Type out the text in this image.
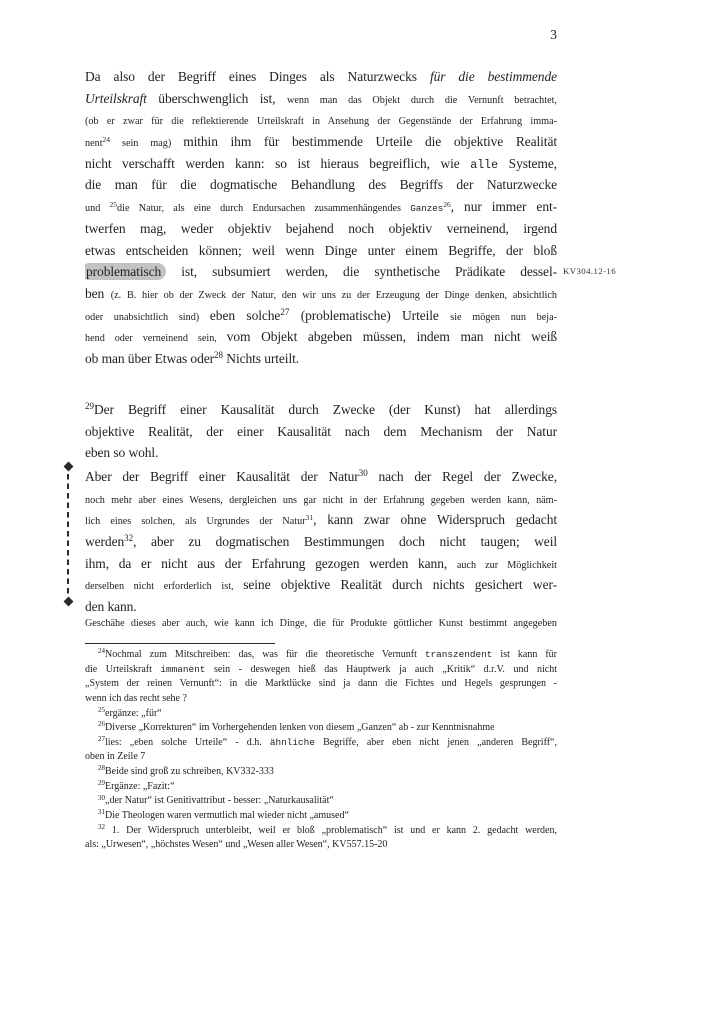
3
Da also der Begriff eines Dinges als Naturzwecks für die bestimmende
Urteilskraft überschwenglich ist, wenn man das Objekt durch die Vernunft betrachtet,
(ob er zwar für die reflektierende Urteilskraft in Ansehung der Gegenstände der Erfahrung imma-
nent$^{24}$ sein mag) mithin ihm für bestimmende Urteile die objektive Realität
nicht verschafft werden kann: so ist hieraus begreiflich, wie alle Systeme,
die man für die dogmatische Behandlung des Begriffs der Naturzwecke
und $^{25}$die Natur, als eine durch Endursachen zusammenhängendes Ganzes$^{26}$, nur immer ent-
twerfen mag, weder objektiv bejahend noch objektiv verneinend, irgend
etwas entscheiden können; weil wenn Dinge unter einem Begriffe, der bloß
problematisch ist, subsumiert werden, die synthetische Prädikate dessel-
ben (z. B. hier ob der Zweck der Natur, den wir uns zu der Erzeugung der Dinge denken, absichtlich
oder unabsichtlich sind) eben solche$^{27}$ (problematische) Urteile sie mögen nun beja-
hend oder verneinend sein, vom Objekt abgeben müssen, indem man nicht weiß
ob man über Etwas oder$^{28}$ Nichts urteilt.
KV304.12-16
$^{29}$Der Begriff einer Kausalität durch Zwecke (der Kunst) hat allerdings
objektive Realität, der einer Kausalität nach dem Mechanism der Natur
eben so wohl.
Aber der Begriff einer Kausalität der Natur$^{30}$ nach der Regel der Zwecke,
noch mehr aber eines Wesens, dergleichen uns gar nicht in der Erfahrung gegeben werden kann, näm-
lich eines solchen, als Urgrundes der Natur$^{31}$, kann zwar ohne Widerspruch gedacht
werden$^{32}$, aber zu dogmatischen Bestimmungen doch nicht taugen; weil
ihm, da er nicht aus der Erfahrung gezogen werden kann, auch zur Möglichkeit
derselben nicht erforderlich ist, seine objektive Realität durch nichts gesichert wer-
den kann.
Geschähe dieses aber auch, wie kann ich Dinge, die für Produkte göttlicher Kunst bestimmt angegeben
$^{24}$Nochmal zum Mitschreiben: das, was für die theoretische Vernunft transzendent ist kann für
die Urteilskraft immanent sein - deswegen hieß das Hauptwerk ja auch „Kritik“ d.r.V. und nicht
„System der reinen Vernunft“: in die Marktlücke sind ja dann die Fichtes und Hegels gesprungen -
wenn ich das recht sehe ?
$^{25}$ergänze: „für“
$^{26}$Diverse „Korrekturen“ im Vorhergehenden lenken von diesem „Ganzen“ ab - zur Kenntnisnahme
$^{27}$lies: „eben solche Urteile“ - d.h. ähnliche Begriffe, aber eben nicht jenen „anderen Begriff“,
oben in Zeile 7
$^{28}$Beide sind groß zu schreiben, KV332-333
$^{29}$Ergänze: „Fazit:“
$^{30}$„der Natur“ ist Genitivattribut - besser: „Naturkausalität“
$^{31}$Die Theologen waren vermutlich mal wieder nicht „amused“
$^{32}$ 1. Der Widerspruch unterbleibt, weil er bloß „problematisch“ ist und er kann 2. gedacht werden,
als: „Urwesen“, „höchstes Wesen“ und „Wesen aller Wesen“, KV557.15-20
